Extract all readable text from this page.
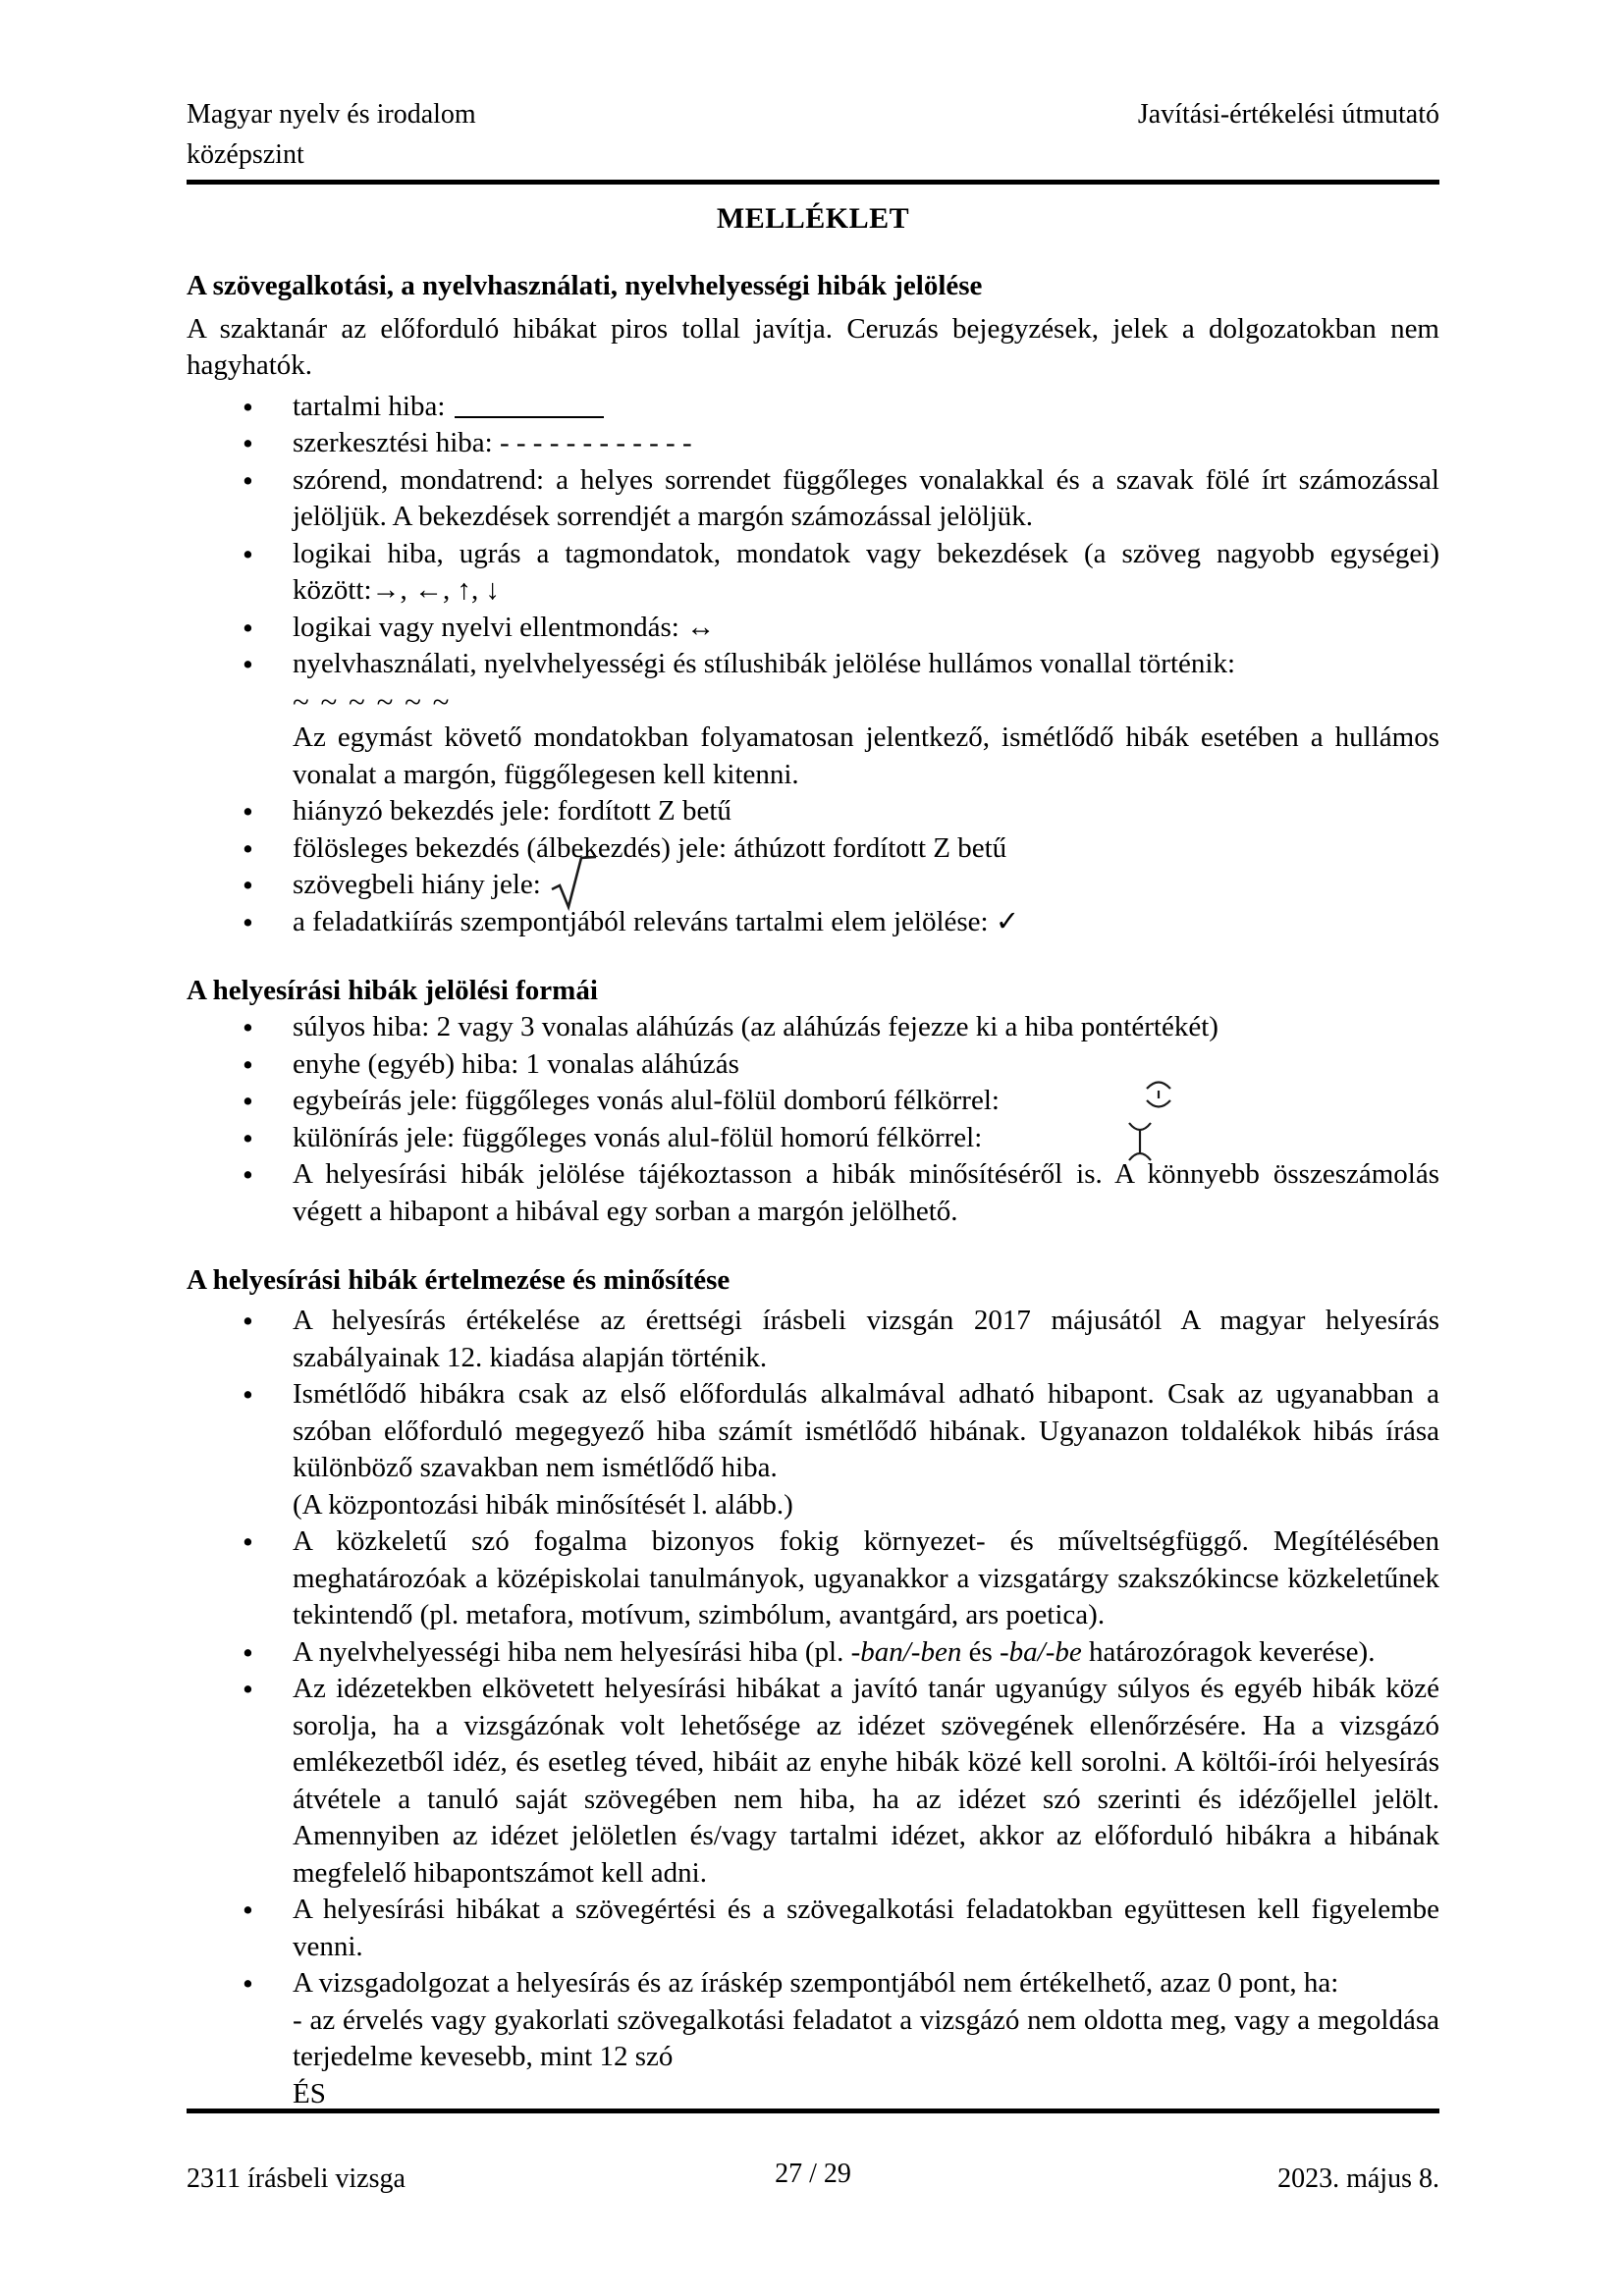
Magyar nyelv és irodalom
középszint
Javítási-értékelési útmutató
MELLÉKLET
A szövegalkotási, a nyelvhasználati, nyelvhelyességi hibák jelölése
A szaktanár az előforduló hibákat piros tollal javítja. Ceruzás bejegyzések, jelek a dolgozatokban nem hagyhatók.
• tartalmi hiba:
• szerkesztési hiba: - - - - - - - - - - - -
• szórend, mondatrend: a helyes sorrendet függőleges vonalakkal és a szavak fölé írt számozással jelöljük. A bekezdések sorrendjét a margón számozással jelöljük.
• logikai hiba, ugrás a tagmondatok, mondatok vagy bekezdések (a szöveg nagyobb egységei) között:→, ←, ↑, ↓
• logikai vagy nyelvi ellentmondás: ↔
• nyelvhasználati, nyelvhelyességi és stílushibák jelölése hullámos vonallal történik:
~ ~ ~ ~ ~ ~
Az egymást követő mondatokban folyamatosan jelentkező, ismétlődő hibák esetében a hullámos vonalat a margón, függőlegesen kell kitenni.
• hiányzó bekezdés jele: fordított Z betű
• fölösleges bekezdés (álbekezdés) jele: áthúzott fordított Z betű
• szövegbeli hiány jele:
• a feladatkiírás szempontjából releváns tartalmi elem jelölése: ✓
A helyesírási hibák jelölési formái
• súlyos hiba: 2 vagy 3 vonalas aláhúzás (az aláhúzás fejezze ki a hiba pontértékét)
• enyhe (egyéb) hiba: 1 vonalas aláhúzás
• egybeírás jele: függőleges vonás alul-fölül domború félkörrel:
• különírás jele: függőleges vonás alul-fölül homorú félkörrel:
• A helyesírási hibák jelölése tájékoztasson a hibák minősítéséről is. A könnyebb összeszámolás végett a hibapont a hibával egy sorban a margón jelölhető.
A helyesírási hibák értelmezése és minősítése
• A helyesírás értékelése az érettségi írásbeli vizsgán 2017 májusától A magyar helyesírás szabályainak 12. kiadása alapján történik.
• Ismétlődő hibákra csak az első előfordulás alkalmával adható hibapont. Csak az ugyanabban a szóban előforduló megegyező hiba számít ismétlődő hibának. Ugyanazon toldalékok hibás írása különböző szavakban nem ismétlődő hiba.
(A központozási hibák minősítését l. alább.)
• A közkeletű szó fogalma bizonyos fokig környezet- és műveltségfüggő. Megítélésében meghatározóak a középiskolai tanulmányok, ugyanakkor a vizsgatárgy szakszókincse közkeletűnek tekintendő (pl. metafora, motívum, szimbólum, avantgárd, ars poetica).
• A nyelvhelyességi hiba nem helyesírási hiba (pl. -ban/-ben és -ba/-be határozóragok keverése).
• Az idézetekben elkövetett helyesírási hibákat a javító tanár ugyanúgy súlyos és egyéb hibák közé sorolja, ha a vizsgázónak volt lehetősége az idézet szövegének ellenőrzésére. Ha a vizsgázó emlékezetből idéz, és esetleg téved, hibáit az enyhe hibák közé kell sorolni. A költői-írói helyesírás átvétele a tanuló saját szövegében nem hiba, ha az idézet szó szerinti és idézőjellel jelölt. Amennyiben az idézet jelöletlen és/vagy tartalmi idézet, akkor az előforduló hibákra a hibának megfelelő hibapontszámot kell adni.
• A helyesírási hibákat a szövegértési és a szövegalkotási feladatokban együttesen kell figyelembe venni.
• A vizsgadolgozat a helyesírás és az íráskép szempontjából nem értékelhető, azaz 0 pont, ha:
- az érvelés vagy gyakorlati szövegalkotási feladatot a vizsgázó nem oldotta meg, vagy a megoldása terjedelme kevesebb, mint 12 szó
ÉS
2311 írásbeli vizsga	2023. május 8.
27 / 29
